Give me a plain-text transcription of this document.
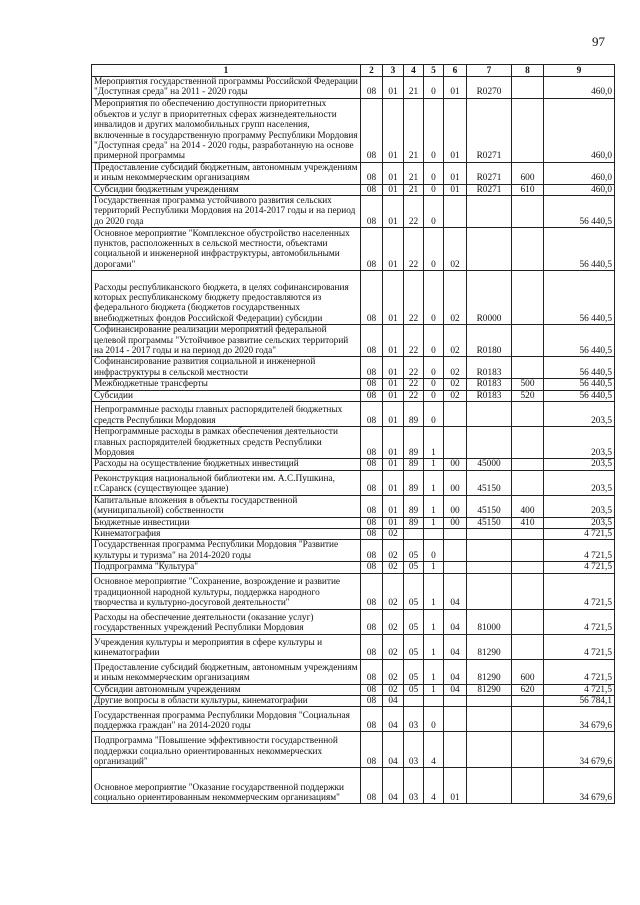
97
1	2	3	4	5	6	7	8	9
Мероприятия государственной программы Российской Федерации "Доступная среда" на 2011 - 2020 годы	08	01	21	0	01	R0270		460,0
Мероприятия по обеспечению доступности приоритетных объектов и услуг в приоритетных сферах жизнедеятельности инвалидов и других маломобильных групп населения, включенные в государственную программу Республики Мордовия "Доступная среда" на 2014 - 2020 годы, разработанную на основе примерной программы	08	01	21	0	01	R0271		460,0
Предоставление субсидий бюджетным, автономным учреждениям и иным некоммерческим организациям	08	01	21	0	01	R0271	600	460,0
Субсидии бюджетным учреждениям	08	01	21	0	01	R0271	610	460,0
Государственная программа устойчивого развития сельских территорий Республики Мордовия на 2014-2017 годы и на период до 2020 года	08	01	22	0				56 440,5
Основное мероприятие "Комплексное обустройство населенных пунктов, расположенных в сельской местности, объектами социальной и инженерной инфраструктуры, автомобильными дорогами"	08	01	22	0	02			56 440,5
Расходы республиканского бюджета, в целях софинансирования которых республиканскому бюджету предоставляются из федерального бюджета (бюджетов государственных внебюджетных фондов Российской Федерации) субсидии	08	01	22	0	02	R0000		56 440,5
Софинансирование реализации мероприятий федеральной целевой программы "Устойчивое развитие сельских территорий на 2014 - 2017 годы и на период до 2020 года"	08	01	22	0	02	R0180		56 440,5
Софинансирование развития социальной и инженерной инфраструктуры в сельской местности	08	01	22	0	02	R0183		56 440,5
Межбюджетные трансферты	08	01	22	0	02	R0183	500	56 440,5
Субсидии	08	01	22	0	02	R0183	520	56 440,5
Непрограммные расходы главных распорядителей бюджетных средств Республики Мордовия	08	01	89	0				203,5
Непрограммные расходы в рамках обеспечения деятельности главных распорядителей бюджетных средств Республики Мордовия	08	01	89	1				203,5
Расходы на осуществление бюджетных инвестиций	08	01	89	1	00	45000		203,5
Реконструкция национальной библиотеки им. А.С.Пушкина, г.Саранск (существующее здание)	08	01	89	1	00	45150		203,5
Капитальные вложения в объекты государственной (муниципальной) собственности	08	01	89	1	00	45150	400	203,5
Бюджетные инвестиции	08	01	89	1	00	45150	410	203,5
Кинематография	08	02						4 721,5
Государственная программа Республики Мордовия "Развитие культуры и туризма" на 2014-2020 годы	08	02	05	0				4 721,5
Подпрограмма "Культура"	08	02	05	1				4 721,5
Основное мероприятие "Сохранение, возрождение и развитие традиционной народной культуры, поддержка народного творчества и культурно-досуговой деятельности"	08	02	05	1	04			4 721,5
Расходы на обеспечение деятельности (оказание услуг) государственных учреждений Республики Мордовия	08	02	05	1	04	81000		4 721,5
Учреждения культуры и мероприятия в сфере культуры и кинематографии	08	02	05	1	04	81290		4 721,5
Предоставление субсидий бюджетным, автономным учреждениям и иным некоммерческим организациям	08	02	05	1	04	81290	600	4 721,5
Субсидии автономным учреждениям	08	02	05	1	04	81290	620	4 721,5
Другие вопросы в области культуры, кинематографии	08	04						56 784,1
Государственная программа Республики Мордовия "Социальная поддержка граждан" на 2014-2020 годы	08	04	03	0				34 679,6
Подпрограмма "Повышение эффективности государственной поддержки социально ориентированных некоммерческих организаций"	08	04	03	4				34 679,6
Основное мероприятие "Оказание государственной поддержки социально ориентированным некоммерческим организациям"	08	04	03	4	01			34 679,6
